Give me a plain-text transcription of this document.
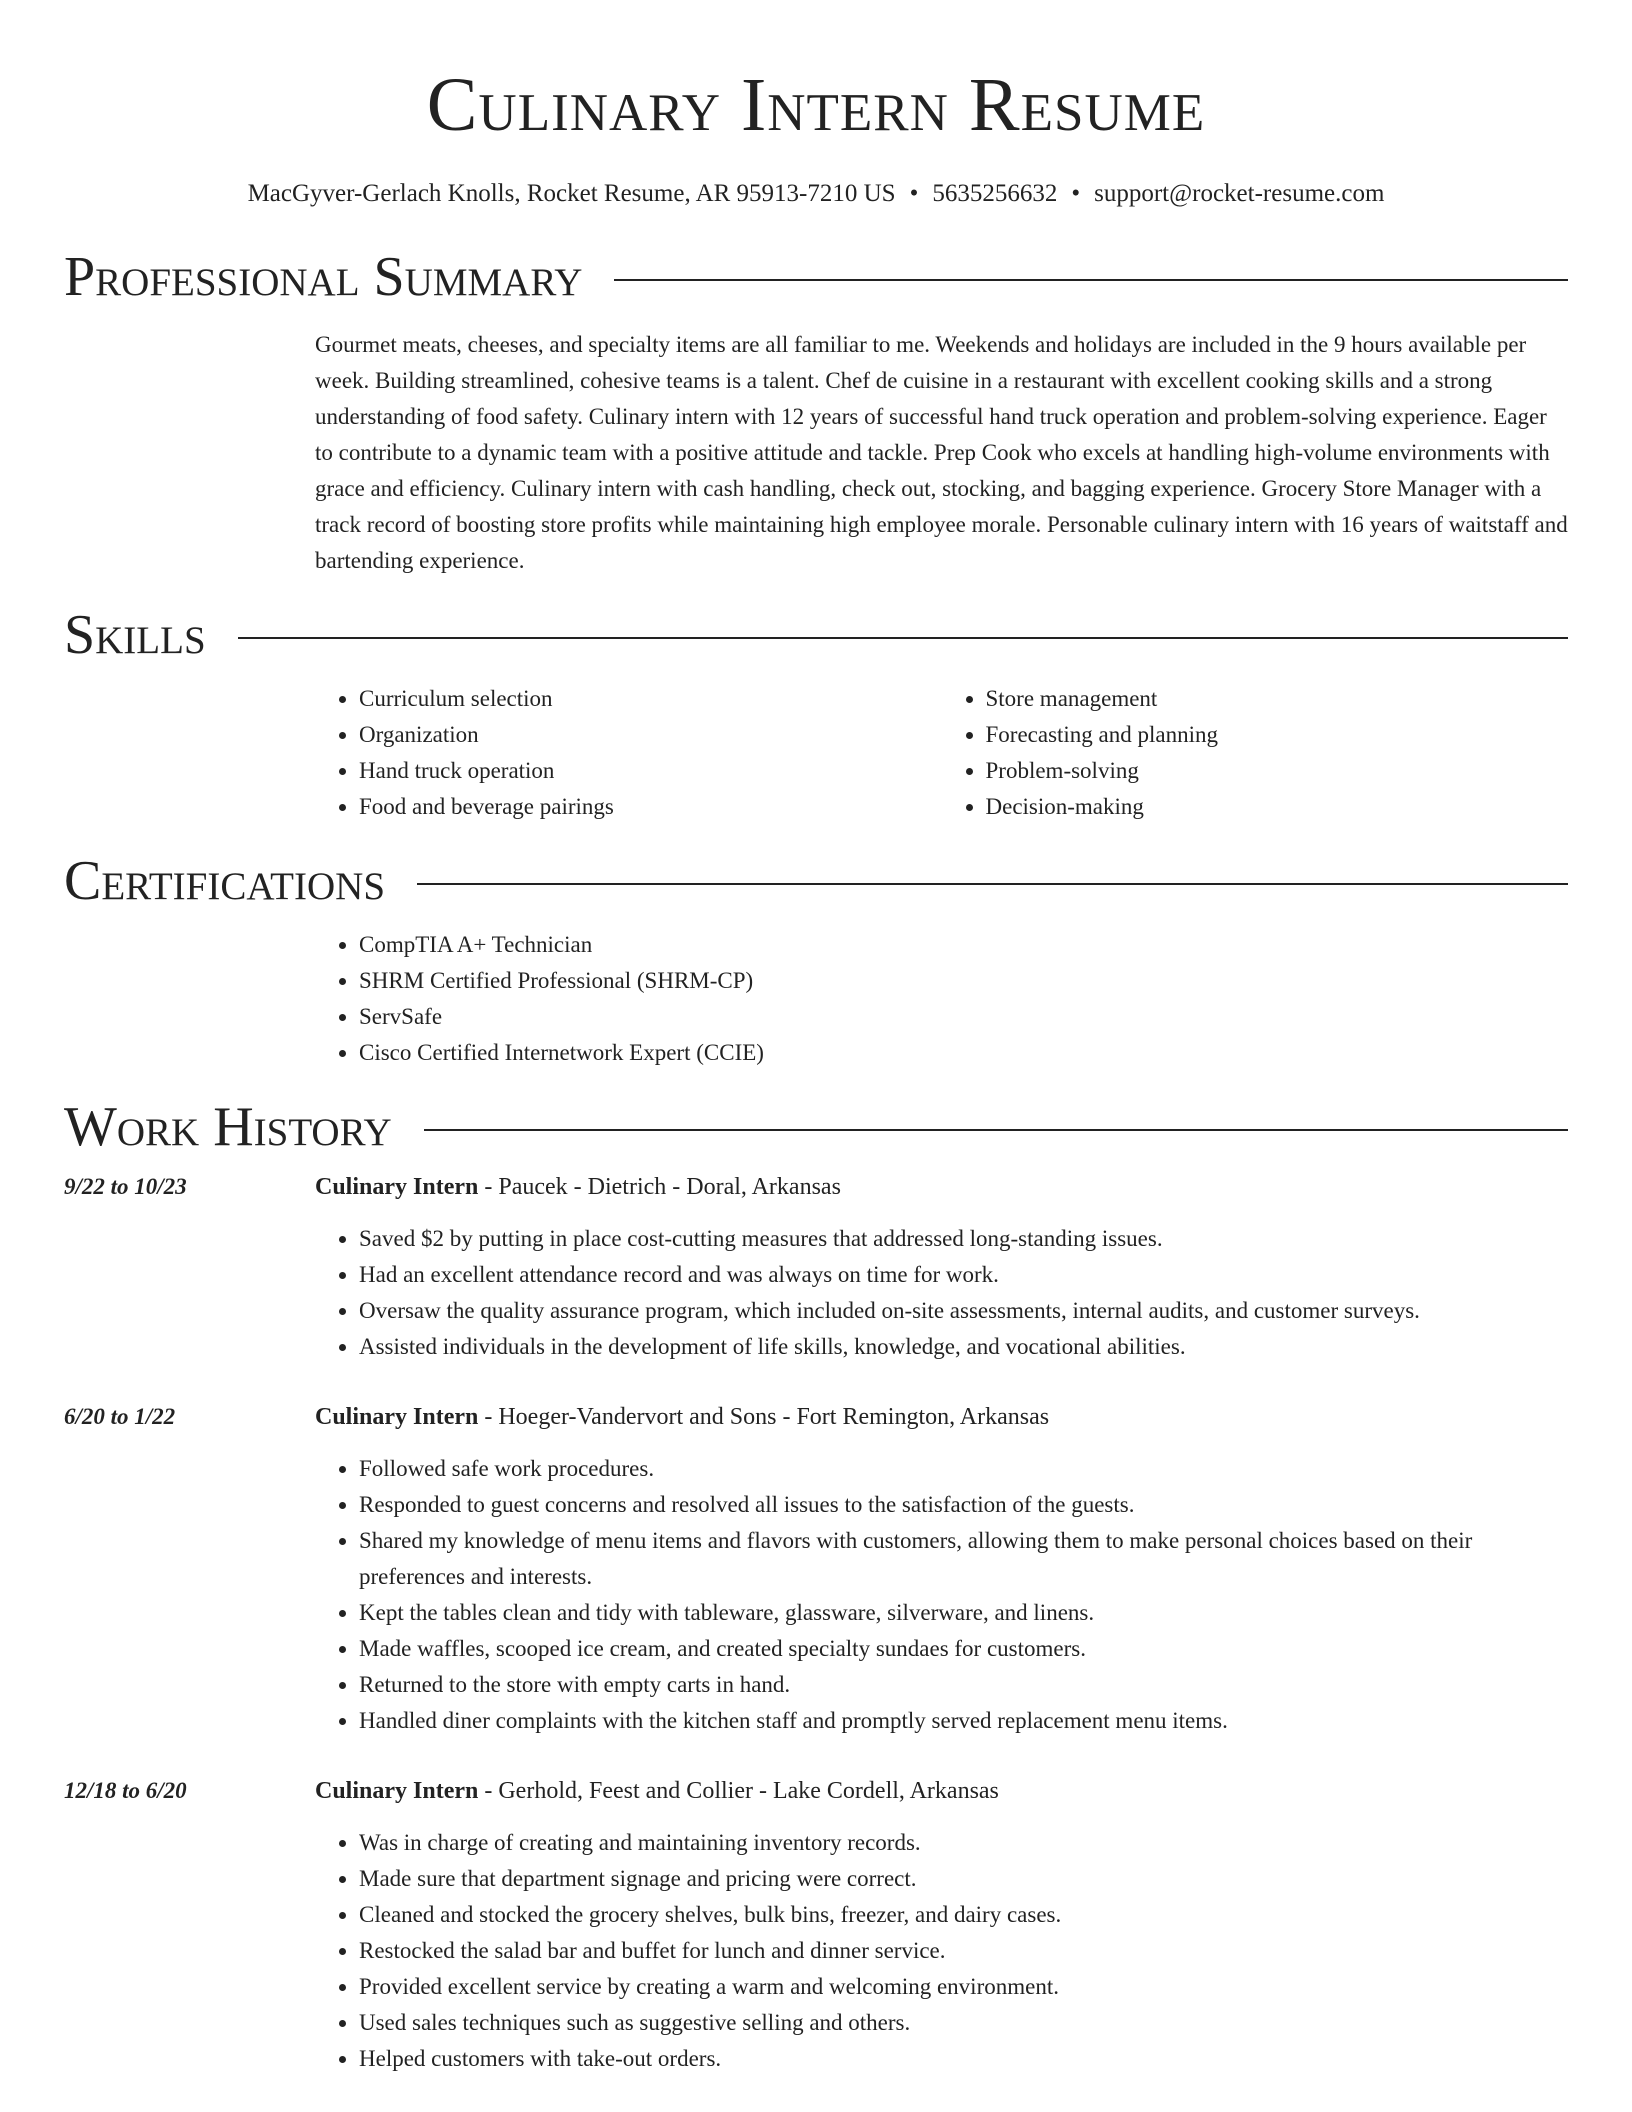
Culinary Intern Resume
MacGyver-Gerlach Knolls, Rocket Resume, AR 95913-7210 US • 5635256632 • support@rocket-resume.com
Professional Summary
Gourmet meats, cheeses, and specialty items are all familiar to me. Weekends and holidays are included in the 9 hours available per week. Building streamlined, cohesive teams is a talent. Chef de cuisine in a restaurant with excellent cooking skills and a strong understanding of food safety. Culinary intern with 12 years of successful hand truck operation and problem-solving experience. Eager to contribute to a dynamic team with a positive attitude and tackle. Prep Cook who excels at handling high-volume environments with grace and efficiency. Culinary intern with cash handling, check out, stocking, and bagging experience. Grocery Store Manager with a track record of boosting store profits while maintaining high employee morale. Personable culinary intern with 16 years of waitstaff and bartending experience.
Skills
• Curriculum selection
• Organization
• Hand truck operation
• Food and beverage pairings
• Store management
• Forecasting and planning
• Problem-solving
• Decision-making
Certifications
• CompTIA A+ Technician
• SHRM Certified Professional (SHRM-CP)
• ServSafe
• Cisco Certified Internetwork Expert (CCIE)
Work History
9/22 to 10/23	Culinary Intern - Paucek - Dietrich - Doral, Arkansas
• Saved $2 by putting in place cost-cutting measures that addressed long-standing issues.
• Had an excellent attendance record and was always on time for work.
• Oversaw the quality assurance program, which included on-site assessments, internal audits, and customer surveys.
• Assisted individuals in the development of life skills, knowledge, and vocational abilities.
6/20 to 1/22	Culinary Intern - Hoeger-Vandervort and Sons - Fort Remington, Arkansas
• Followed safe work procedures.
• Responded to guest concerns and resolved all issues to the satisfaction of the guests.
• Shared my knowledge of menu items and flavors with customers, allowing them to make personal choices based on their preferences and interests.
• Kept the tables clean and tidy with tableware, glassware, silverware, and linens.
• Made waffles, scooped ice cream, and created specialty sundaes for customers.
• Returned to the store with empty carts in hand.
• Handled diner complaints with the kitchen staff and promptly served replacement menu items.
12/18 to 6/20	Culinary Intern - Gerhold, Feest and Collier - Lake Cordell, Arkansas
• Was in charge of creating and maintaining inventory records.
• Made sure that department signage and pricing were correct.
• Cleaned and stocked the grocery shelves, bulk bins, freezer, and dairy cases.
• Restocked the salad bar and buffet for lunch and dinner service.
• Provided excellent service by creating a warm and welcoming environment.
• Used sales techniques such as suggestive selling and others.
• Helped customers with take-out orders.
